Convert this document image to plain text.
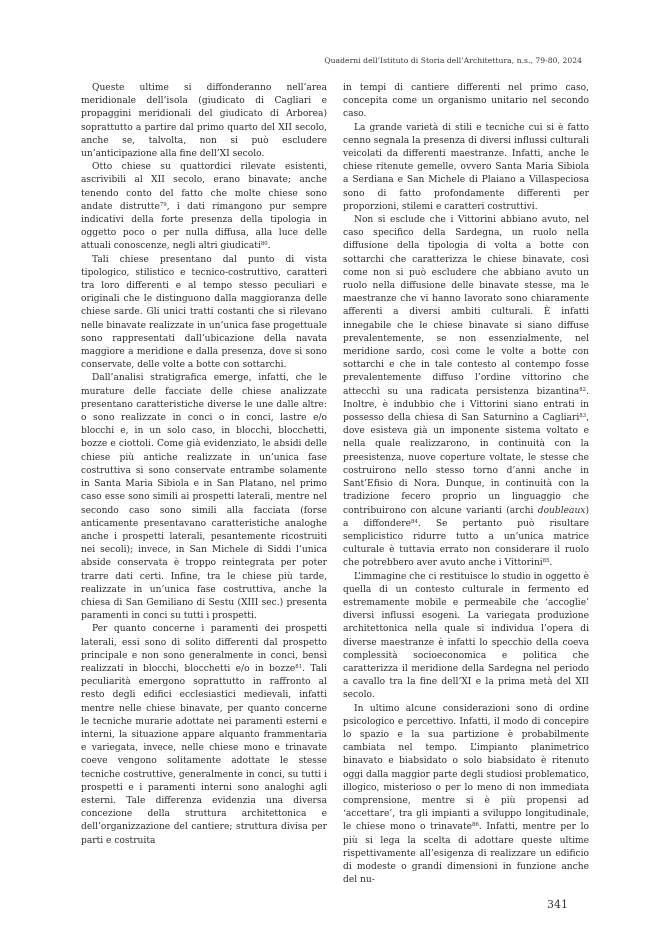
Quaderni dell’Istituto di Storia dell’Architettura, n.s., 79-80, 2024

Queste ultime si diffonderanno nell’area meridionale dell’isola (giudicato di Cagliari e propaggini meridionali del giudicato di Arborea) soprattutto a partire dal primo quarto del XII secolo, anche se, talvolta, non si può escludere un’anticipazione alla fine dell’XI secolo.

Otto chiese su quattordici rilevate esistenti, ascrivibili al XII secolo, erano binavate; anche tenendo conto del fatto che molte chiese sono andate distrutte$^{79}$, i dati rimangono pur sempre indicativi della forte presenza della tipologia in oggetto poco o per nulla diffusa, alla luce delle attuali conoscenze, negli altri giudicati$^{80}$.

Tali chiese presentano dal punto di vista tipologico, stilistico e tecnico-costruttivo, caratteri tra loro differenti e al tempo stesso peculiari e originali che le distinguono dalla maggioranza delle chiese sarde. Gli unici tratti costanti che si rilevano nelle binavate realizzate in un’unica fase progettuale sono rappresentati dall’ubicazione della navata maggiore a meridione e dalla presenza, dove si sono conservate, delle volte a botte con sottarchi.

Dall’analisi stratigrafica emerge, infatti, che le murature delle facciate delle chiese analizzate presentano caratteristiche diverse le une dalle altre: o sono realizzate in conci o in conci, lastre e/o blocchi e, in un solo caso, in blocchi, blocchetti, bozze e ciottoli. Come già evidenziato, le absidi delle chiese più antiche realizzate in un’unica fase costruttiva si sono conservate entrambe solamente in Santa Maria Sibiola e in San Platano, nel primo caso esse sono simili ai prospetti laterali, mentre nel secondo caso sono simili alla facciata (forse anticamente presentavano caratteristiche analoghe anche i prospetti laterali, pesantemente ricostruiti nei secoli); invece, in San Michele di Siddi l’unica abside conservata è troppo reintegrata per poter trarre dati certi. Infine, tra le chiese più tarde, realizzate in un’unica fase costruttiva, anche la chiesa di San Gemiliano di Sestu (XIII sec.) presenta paramenti in conci su tutti i prospetti.

Per quanto concerne i paramenti dei prospetti laterali, essi sono di solito differenti dal prospetto principale e non sono generalmente in conci, bensì realizzati in blocchi, blocchetti e/o in bozze$^{81}$. Tali peculiarità emergono soprattutto in raffronto al resto degli edifici ecclesiastici medievali, infatti mentre nelle chiese binavate, per quanto concerne le tecniche murarie adottate nei paramenti esterni e interni, la situazione appare alquanto frammentaria e variegata, invece, nelle chiese mono e trinavate coeve vengono solitamente adottate le stesse tecniche costruttive, generalmente in conci, su tutti i prospetti e i paramenti interni sono analoghi agli esterni. Tale differenza evidenzia una diversa concezione della struttura architettonica e dell’organizzazione del cantiere; struttura divisa per parti e costruita

in tempi di cantiere differenti nel primo caso, concepita come un organismo unitario nel secondo caso.

La grande varietà di stili e tecniche cui si è fatto cenno segnala la presenza di diversi influssi culturali veicolati da differenti maestranze. Infatti, anche le chiese ritenute gemelle, ovvero Santa Maria Sibiola a Serdiana e San Michele di Plaiano a Villaspeciosa sono di fatto profondamente differenti per proporzioni, stilemi e caratteri costruttivi.

Non si esclude che i Vittorini abbiano avuto, nel caso specifico della Sardegna, un ruolo nella diffusione della tipologia di volta a botte con sottarchi che caratterizza le chiese binavate, così come non si può escludere che abbiano avuto un ruolo nella diffusione delle binavate stesse, ma le maestranze che vi hanno lavorato sono chiaramente afferenti a diversi ambiti culturali. È infatti innegabile che le chiese binavate si siano diffuse prevalentemente, se non essenzialmente, nel meridione sardo, così come le volte a botte con sottarchi e che in tale contesto al contempo fosse prevalentemente diffuso l’ordine vittorino che attecchì su una radicata persistenza bizantina$^{82}$. Inoltre, è indubbio che i Vittorini siano entrati in possesso della chiesa di San Saturnino a Cagliari$^{83}$, dove esisteva già un imponente sistema voltato e nella quale realizzarono, in continuità con la preesistenza, nuove coperture voltate, le stesse che costruirono nello stesso torno d’anni anche in Sant’Efisio di Nora. Dunque, in continuità con la tradizione fecero proprio un linguaggio che contribuirono con alcune varianti (archi doubleaux) a diffondere$^{84}$. Se pertanto può risultare semplicistico ridurre tutto a un’unica matrice culturale è tuttavia errato non considerare il ruolo che potrebbero aver avuto anche i Vittorini$^{85}$.

L’immagine che ci restituisce lo studio in oggetto è quella di un contesto culturale in fermento ed estremamente mobile e permeabile che ‘accoglie’ diversi influssi esogeni. La variegata produzione architettonica nella quale si individua l’opera di diverse maestranze è infatti lo specchio della coeva complessità socioeconomica e politica che caratterizza il meridione della Sardegna nel periodo a cavallo tra la fine dell’XI e la prima metà del XII secolo.

In ultimo alcune considerazioni sono di ordine psicologico e percettivo. Infatti, il modo di concepire lo spazio e la sua partizione è probabilmente cambiata nel tempo. L’impianto planimetrico binavato e biabsidato o solo biabsidato è ritenuto oggi dalla maggior parte degli studiosi problematico, illogico, misterioso o per lo meno di non immediata comprensione, mentre si è più propensi ad ‘accettare’, tra gli impianti a sviluppo longitudinale, le chiese mono o trinavate$^{86}$. Infatti, mentre per lo più si lega la scelta di adottare queste ultime rispettivamente all’esigenza di realizzare un edificio di modeste o grandi dimensioni in funzione anche del nu-

341
